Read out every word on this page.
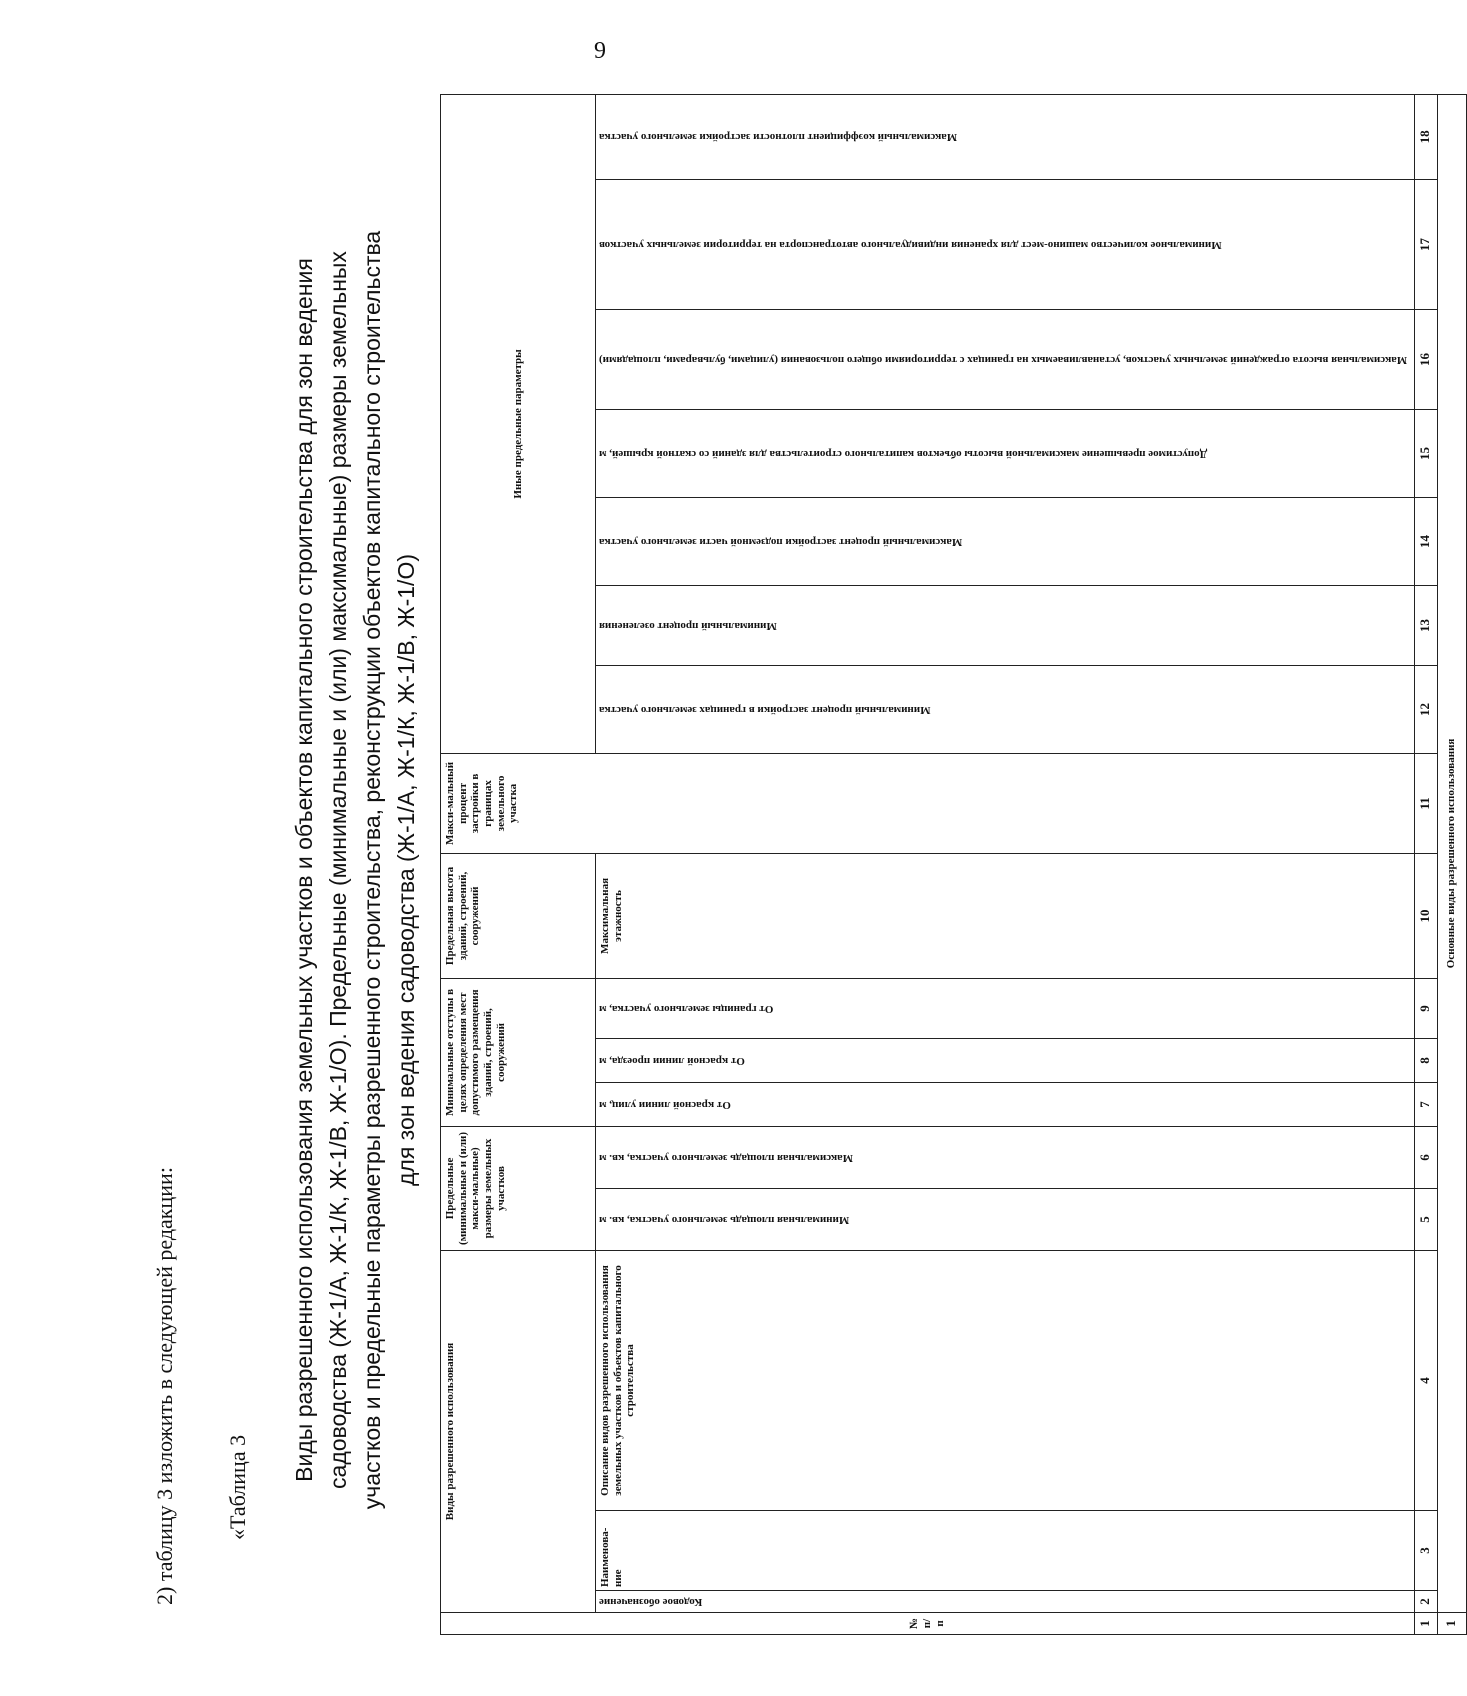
9
2) таблицу 3 изложить в следующей редакции: «Таблица 3
Виды разрешенного использования земельных участков и объектов капитального строительства для зон ведения садоводства (Ж-1/А, Ж-1/К, Ж-1/В, Ж-1/О). Предельные (минимальные и (или) максимальные) размеры земельных участков и предельные параметры разрешенного строительства, реконструкции объектов капитального строительства для зон ведения садоводства (Ж-1/А, Ж-1/К, Ж-1/В, Ж-1/О)
№ п/п	Виды разрешенного использования			Предельные (минимальные и (или) макси-мальные) размеры земельных участков		Минимальные отступы в целях определения мест допустимого размещения зданий, строений, сооружений			Предельная высота зданий, строений, сооружений	Макси-мальный процент застройки в границах земельного участка	Иные предельные параметры						
	Кодовое обозначение	Наименова-ние	Описание видов разрешенного использования земельных участков и объектов капитального строительства	Минимальная площадь земельного участка, кв. м	Максимальная площадь земельного участка, кв. м	От красной линии улиц, м	От красной линии проезда, м	От границы земельного участка, м	Максимальная этажность		Минимальный процент застройки в границах земельного участка	Минимальный процент озеленения	Максимальный процент застройки подземной части земельного участка	Допустимое превышение максимальной высоты объектов капитального строительства для зданий со скатной крышей, м	Максимальная высота ограждений земельных участков, устанавливаемых на границах с территориями общего пользования (улицами, бульварами, площадями)	Минимальное количество машино-мест для хранения индивидуального автотранспорта на территории земельных участков	Максимальный коэффициент плотности застройки земельного участка

1	2	3	4	5	6	7	8	9	10	11	12	13	14	15	16	17	18
1	Основные виды разрешенного использования																
